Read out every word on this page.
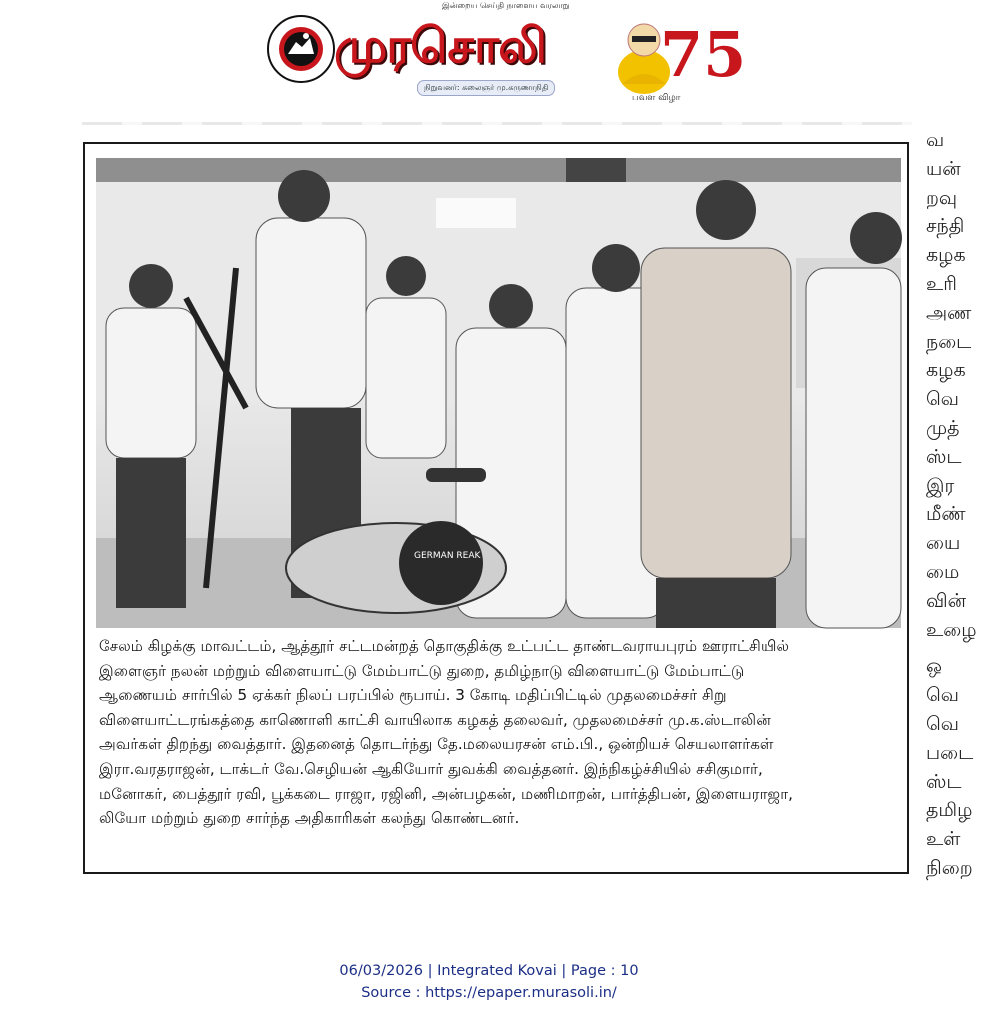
இன்றைய செய்தி நாளைய வரலாறு
முரசொலி
நிறுவனர்: கலைஞர் மு.கருணாநிதி 75
பவள விழா
GERMAN REAK
சேலம் கிழக்கு மாவட்டம், ஆத்தூர் சட்டமன்றத் தொகுதிக்கு உட்பட்ட தாண்டவராயபுரம் ஊராட்சியில்
இளைஞர் நலன் மற்றும் விளையாட்டு மேம்பாட்டு துறை, தமிழ்நாடு விளையாட்டு மேம்பாட்டு
ஆணையம் சார்பில் 5 ஏக்கர் நிலப் பரப்பில் ரூபாய். 3 கோடி மதிப்பிட்டில் முதலமைச்சர் சிறு
விளையாட்டரங்கத்தை காணொளி காட்சி வாயிலாக கழகத் தலைவர், முதலமைச்சர் மு.க.ஸ்டாலின்
அவர்கள் திறந்து வைத்தார். இதனைத் தொடர்ந்து தே.மலையரசன் எம்.பி., ஒன்றியச் செயலாளர்கள்
இரா.வரதராஜன், டாக்டர் வே.செழியன் ஆகியோர் துவக்கி வைத்தனர். இந்நிகழ்ச்சியில் சசிகுமார்,
மனோகர், பைத்தூர் ரவி, பூக்கடை ராஜா, ரஜினி, அன்பழகன், மணிமாறன், பார்த்திபன், இளையராஜா,
லியோ மற்றும் துறை சார்ந்த அதிகாரிகள் கலந்து கொண்டனர்.
வ
யன்
றவு
சந்தி
கழக
உரி
அண
நடை
கழக
வெ
முத்
ஸ்ட
இர
மீண்
யை
மை
வின்
உழை
ஒ
வெ
வெ
படை
ஸ்ட
தமிழ
உள்
நிறை
06/03/2026 | Integrated Kovai | Page : 10
Source : https://epaper.murasoli.in/
